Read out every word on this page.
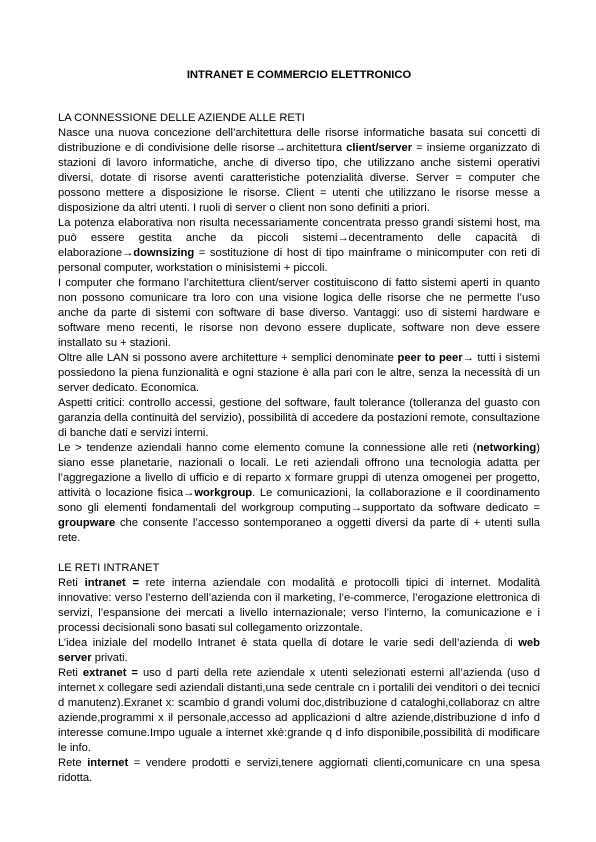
INTRANET E COMMERCIO ELETTRONICO
LA CONNESSIONE DELLE AZIENDE ALLE RETI

Nasce una nuova concezione dell’architettura delle risorse informatiche basata sui concetti di distribuzione e di condivisione delle risorse→architettura client/server = insieme organizzato di stazioni di lavoro informatiche, anche di diverso tipo, che utilizzano anche sistemi operativi diversi, dotate di risorse aventi caratteristiche potenzialità diverse. Server = computer che possono mettere a disposizione le risorse. Client = utenti che utilizzano le risorse messe a disposizione da altri utenti. I ruoli di server o client non sono definiti a priori.

La potenza elaborativa non risulta necessariamente concentrata presso grandi sistemi host, ma può essere gestita anche da piccoli sistemi→decentramento delle capacità di elaborazione→downsizing = sostituzione di host di tipo mainframe o minicomputer con reti di personal computer, workstation o minisistemi + piccoli.

I computer che formano l’architettura client/server costituiscono di fatto sistemi aperti in quanto non possono comunicare tra loro con una visione logica delle risorse che ne permette l’uso anche da parte di sistemi con software di base diverso. Vantaggi: uso di sistemi hardware e software meno recenti, le risorse non devono essere duplicate, software non deve essere installato su + stazioni.

Oltre alle LAN si possono avere architetture + semplici denominate peer to peer→ tutti i sistemi possiedono la piena funzionalità e ogni stazione è alla pari con le altre, senza la necessità di un server dedicato. Economica.

Aspetti critici: controllo accessi, gestione del software, fault tolerance (tolleranza del guasto con garanzia della continuità del servizio), possibilità di accedere da postazioni remote, consultazione di banche dati e servizi interni.

Le > tendenze aziendali hanno come elemento comune la connessione alle reti (networking) siano esse planetarie, nazionali o locali. Le reti aziendali offrono una tecnologia adatta per l’aggregazione a livello di ufficio e di reparto x formare gruppi di utenza omogenei per progetto, attività o locazione fisica→workgroup. Le comunicazioni, la collaborazione e il coordinamento sono gli elementi fondamentali del workgroup computing→supportato da software dedicato = groupware che consente l’accesso sontemporaneo a oggetti diversi da parte di + utenti sulla rete.

LE RETI INTRANET

Reti intranet = rete interna aziendale con modalità e protocolli tipici di internet. Modalità innovative: verso l’esterno dell’azienda con il marketing, l’e-commerce, l’erogazione elettronica di servizi, l’espansione dei mercati a livello internazionale; verso l’interno, la comunicazione e i processi decisionali sono basati sul collegamento orizzontale.

L’idea iniziale del modello Intranet è stata quella di dotare le varie sedi dell’azienda di web server privati.

Reti extranet = uso d parti della rete aziendale x utenti selezionati esterni all’azienda (uso d internet x collegare sedi aziendali distanti,una sede centrale cn i portalili dei venditori o dei tecnici d manutenz).Exranet x: scambio d grandi volumi doc,distribuzione d cataloghi,collaboraz cn altre aziende,programmi x il personale,accesso ad applicazioni d altre aziende,distribuzione d info d interesse comune.Impo uguale a internet xkè:grande q d info disponibile,possibilità di modificare le info.

Rete internet = vendere prodotti e servizi,tenere aggiornati clienti,comunicare cn una spesa ridotta.
